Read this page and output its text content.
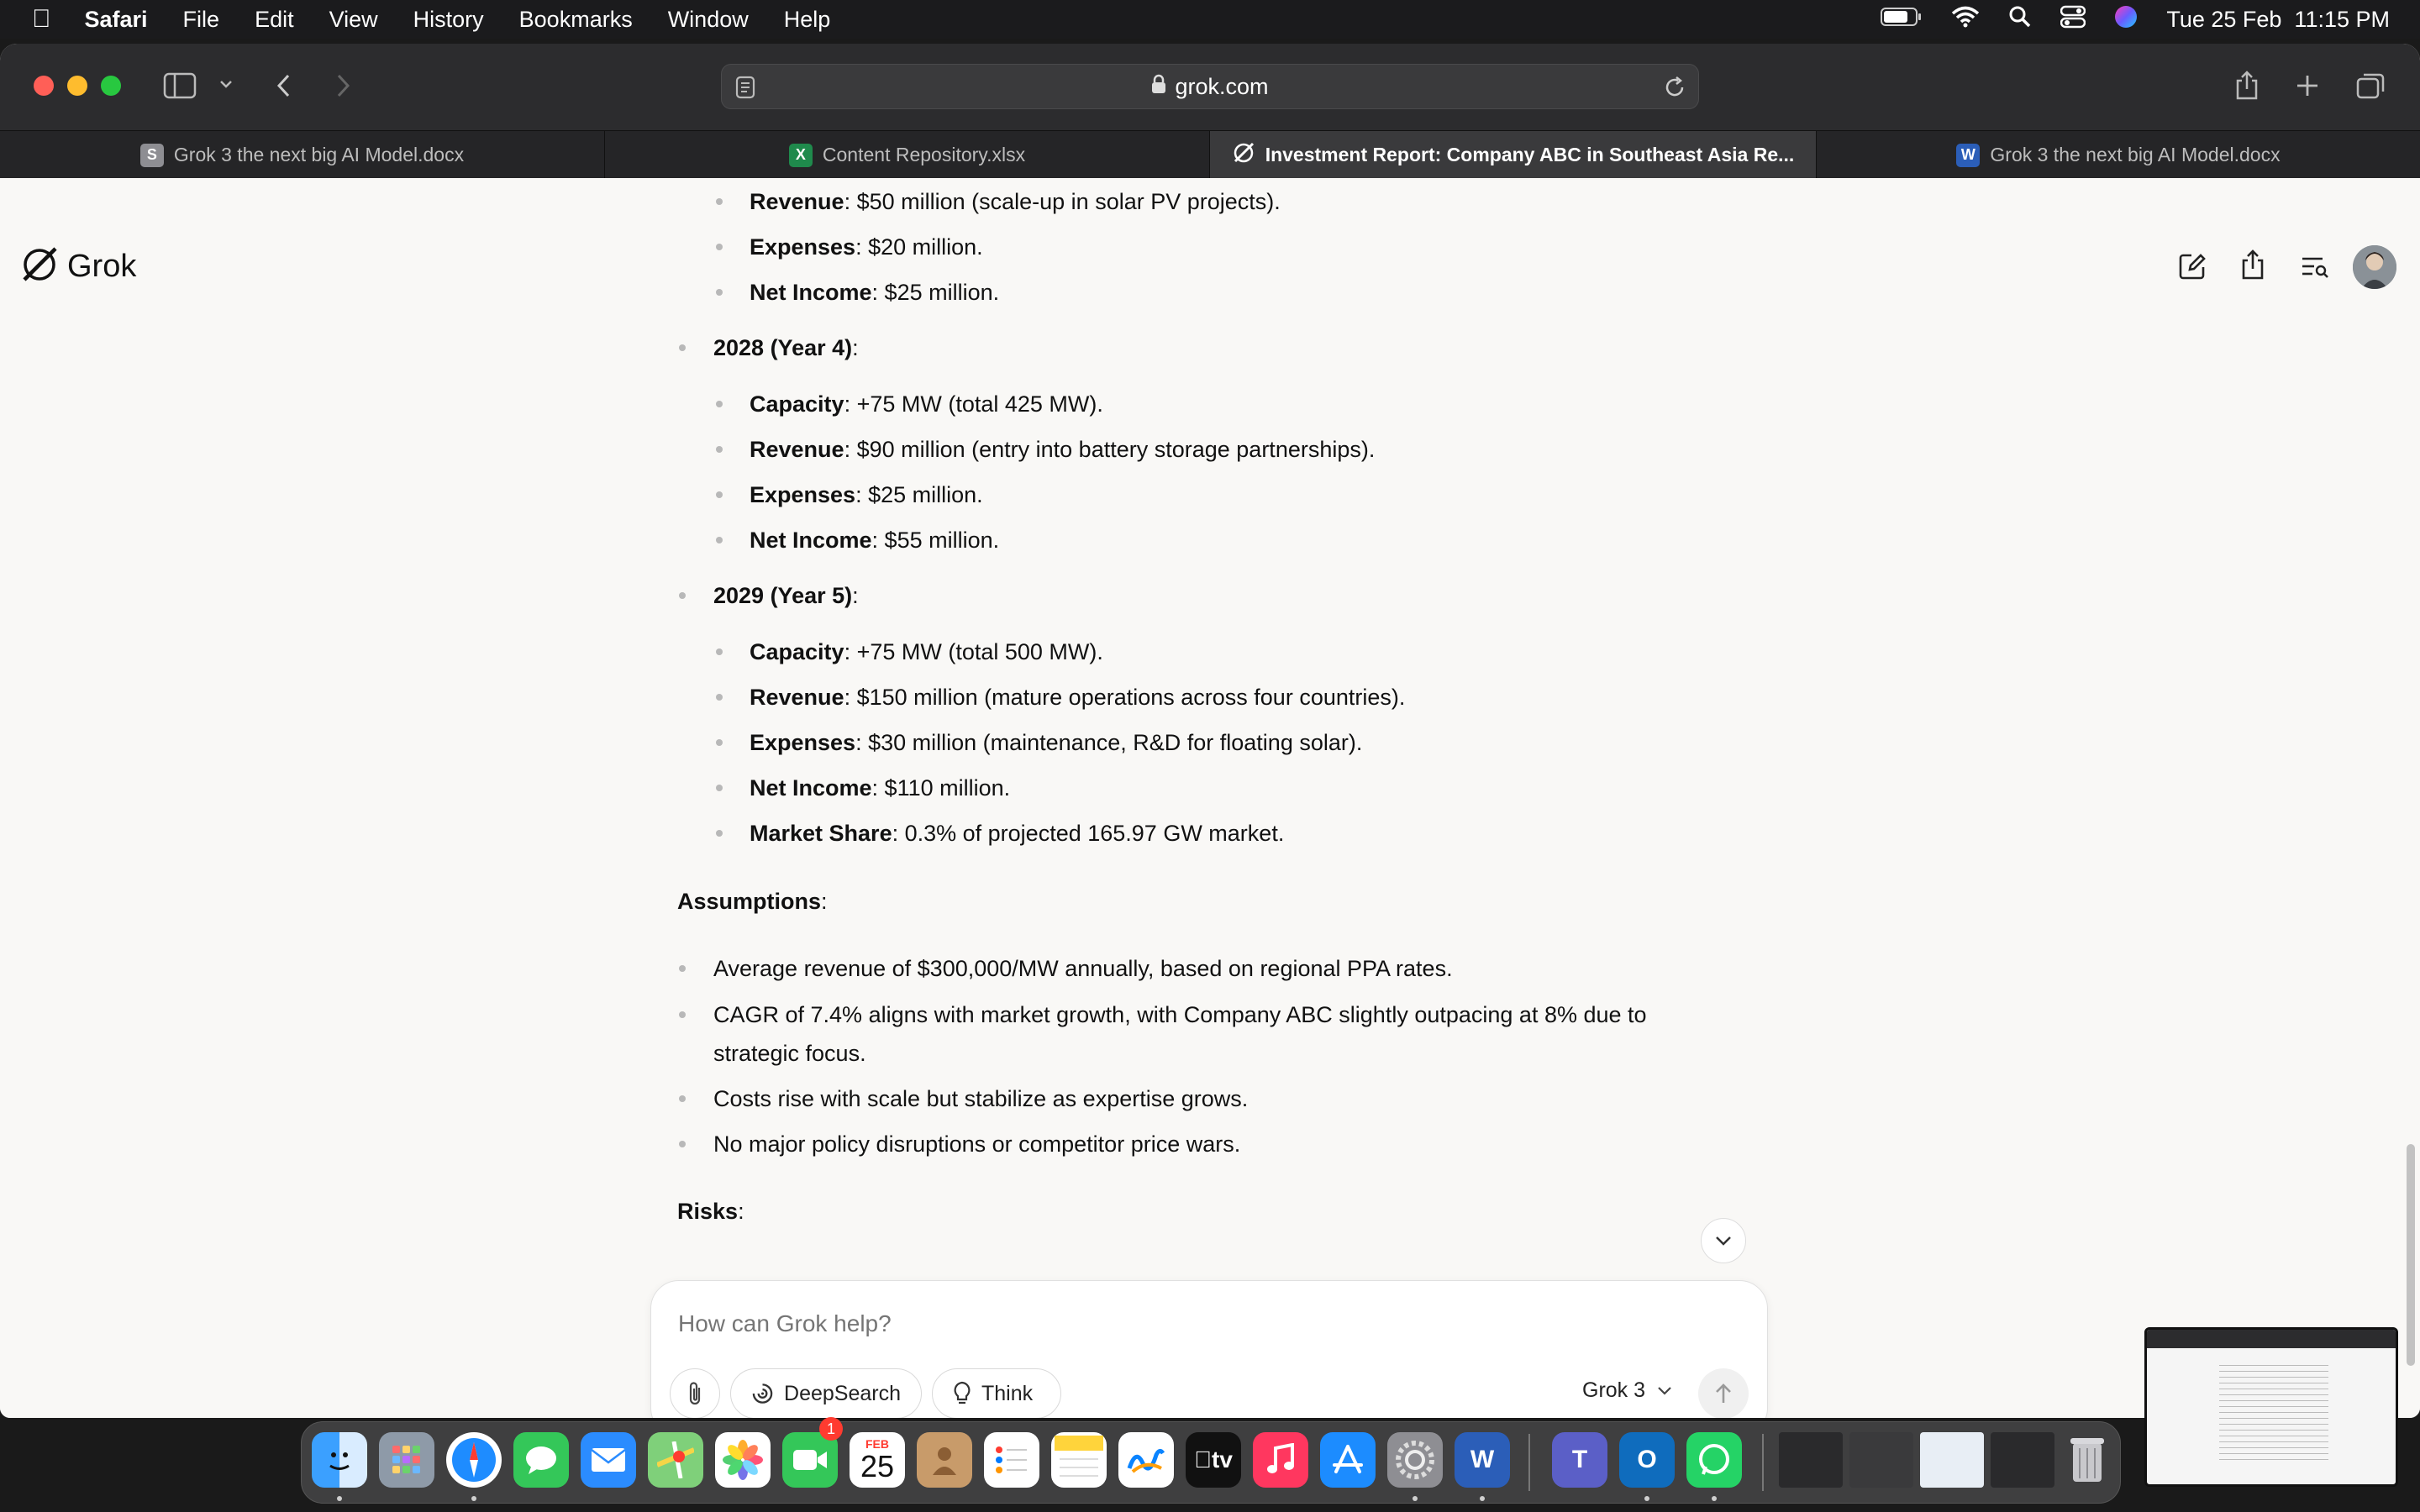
Safari File Edit View History Bookmarks Window Help	Tue 25 Feb  11:15 PM
grok.com
S Grok 3 the next big AI Model.docx	X Content Repository.xlsx	Investment Report: Company ABC in Southeast Asia Re...	W Grok 3 the next big AI Model.docx
Grok
Revenue: $50 million (scale-up in solar PV projects).
Expenses: $20 million.
Net Income: $25 million.
2028 (Year 4):
Capacity: +75 MW (total 425 MW).
Revenue: $90 million (entry into battery storage partnerships).
Expenses: $25 million.
Net Income: $55 million.
2029 (Year 5):
Capacity: +75 MW (total 500 MW).
Revenue: $150 million (mature operations across four countries).
Expenses: $30 million (maintenance, R&D for floating solar).
Net Income: $110 million.
Market Share: 0.3% of projected 165.97 GW market.
Assumptions:
Average revenue of $300,000/MW annually, based on regional PPA rates.
CAGR of 7.4% aligns with market growth, with Company ABC slightly outpacing at 8% due to
strategic focus.
Costs rise with scale but stabilize as expertise grows.
No major policy disruptions or competitor price wars.
Risks:
How can Grok help?
DeepSearch	Think	Grok 3
1
FEB
25	tv	W	T	O
